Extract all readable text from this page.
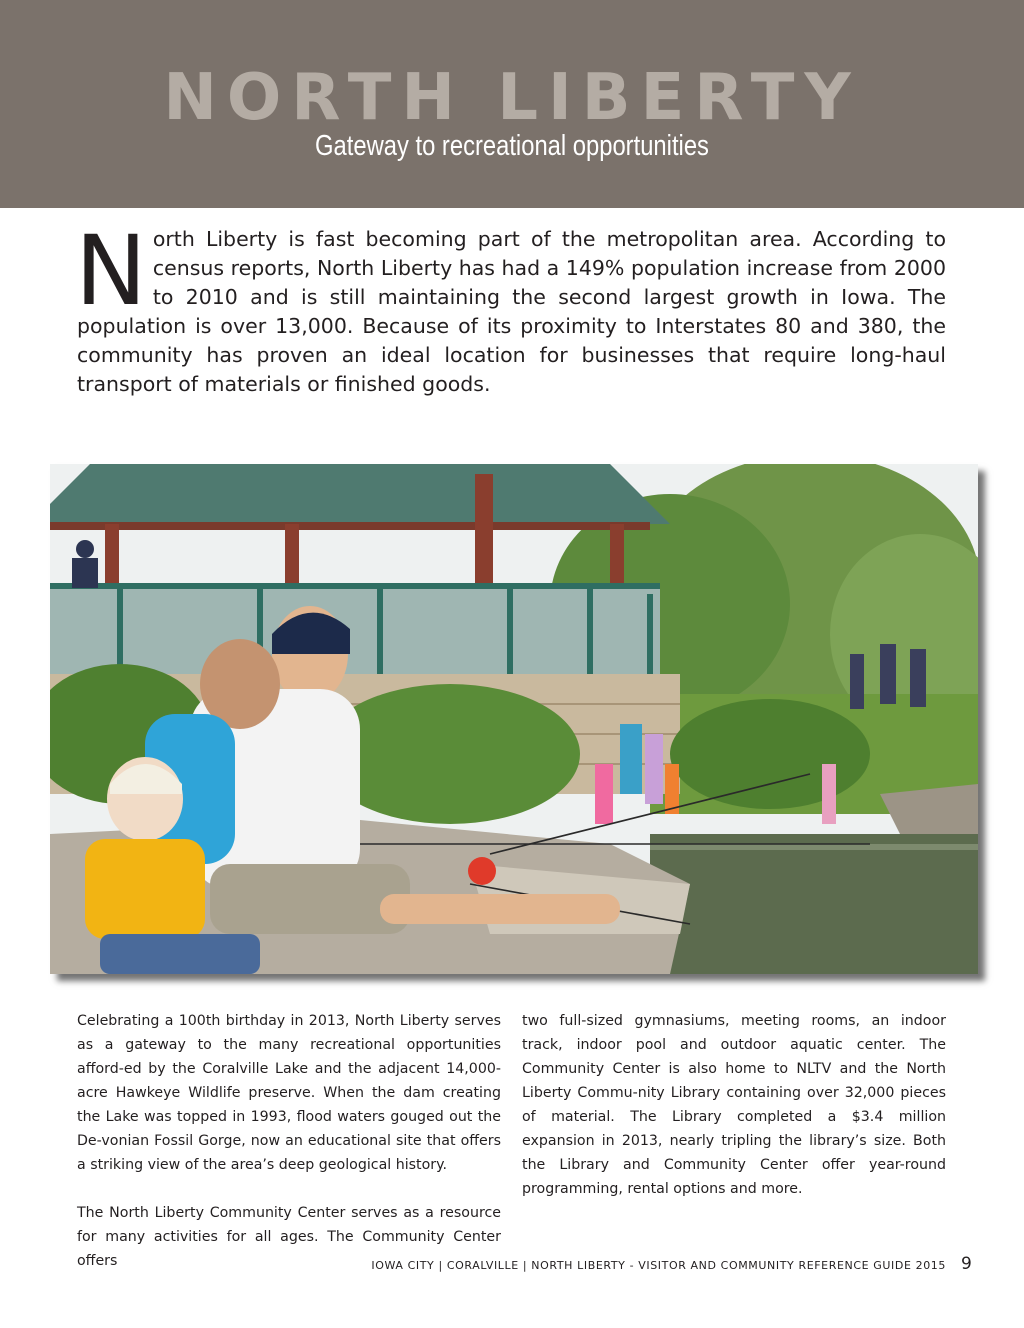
NORTH LIBERTY
Gateway to recreational opportunities

North Liberty is fast becoming part of the metropolitan area. According to census reports, North Liberty has had a 149% population increase from 2000 to 2010 and is still maintaining the second largest growth in Iowa. The population is over 13,000. Because of its proximity to Interstates 80 and 380, the community has proven an ideal location for businesses that require long-haul transport of materials or finished goods.

Celebrating a 100th birthday in 2013, North Liberty serves as a gateway to the many recreational opportunities afford-ed by the Coralville Lake and the adjacent 14,000-acre Hawkeye Wildlife preserve. When the dam creating the Lake was topped in 1993, flood waters gouged out the De-vonian Fossil Gorge, now an educational site that offers a striking view of the area’s deep geological history.

The North Liberty Community Center serves as a resource for many activities for all ages. The Community Center offers

two full-sized gymnasiums, meeting rooms, an indoor track, indoor pool and outdoor aquatic center. The Community Center is also home to NLTV and the North Liberty Commu-nity Library containing over 32,000 pieces of material. The Library completed a $3.4 million expansion in 2013, nearly tripling the library’s size. Both the Library and Community Center offer year-round programming, rental options and more.

IOWA CITY | CORALVILLE | NORTH LIBERTY - VISITOR AND COMMUNITY REFERENCE GUIDE 2015 9
